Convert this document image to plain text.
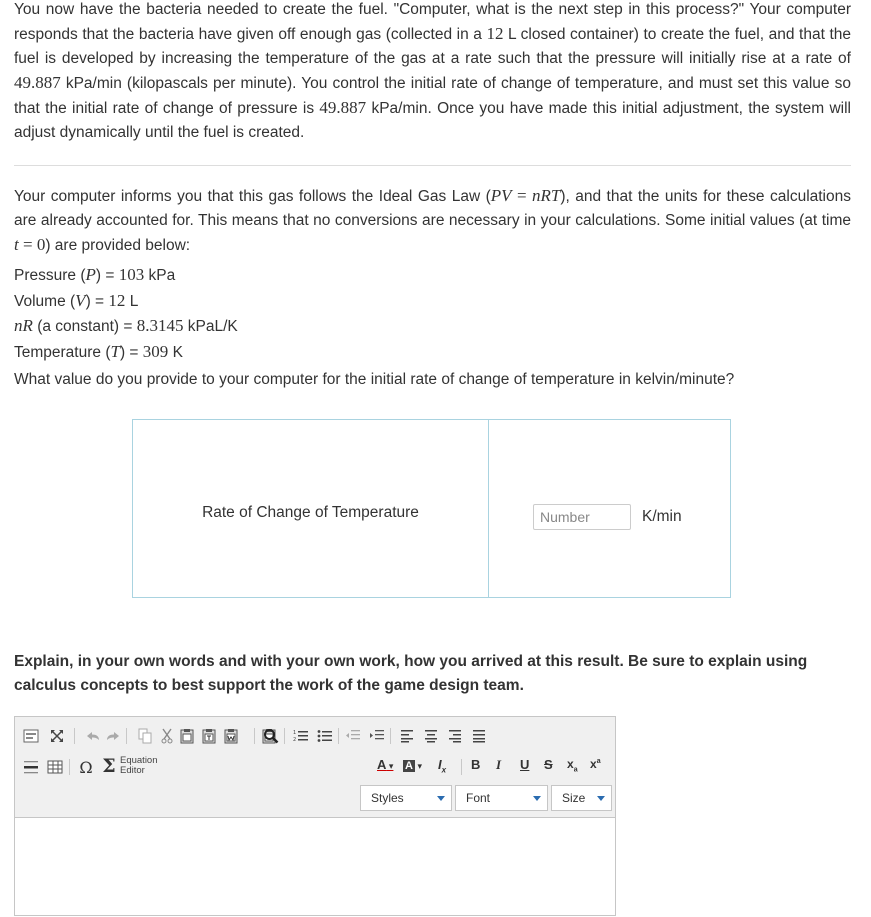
You now have the bacteria needed to create the fuel. "Computer, what is the next step in this process?" Your computer responds that the bacteria have given off enough gas (collected in a 12 L closed container) to create the fuel, and that the fuel is developed by increasing the temperature of the gas at a rate such that the pressure will initially rise at a rate of 49.887 kPa/min (kilopascals per minute). You control the initial rate of change of temperature, and must set this value so that the initial rate of change of pressure is 49.887 kPa/min. Once you have made this initial adjustment, the system will adjust dynamically until the fuel is created.

Your computer informs you that this gas follows the Ideal Gas Law (PV = nRT), and that the units for these calculations are already accounted for. This means that no conversions are necessary in your calculations. Some initial values (at time t = 0) are provided below:

Pressure (P) = 103 kPa
Volume (V) = 12 L
nR (a constant) = 8.3145 kPaL/K
Temperature (T) = 309 K
What value do you provide to your computer for the initial rate of change of temperature in kelvin/minute?
Rate of Change of Temperature
Number	K/min
Explain, in your own words and with your own work, how you arrived at this result. Be sure to explain using calculus concepts to best support the work of the game design team.
1
2
Ω Σ Equation
Editor	A ▾ A ▾ $I_x$ B I U S $x_a$ $x^a$
Styles	Font	Size
